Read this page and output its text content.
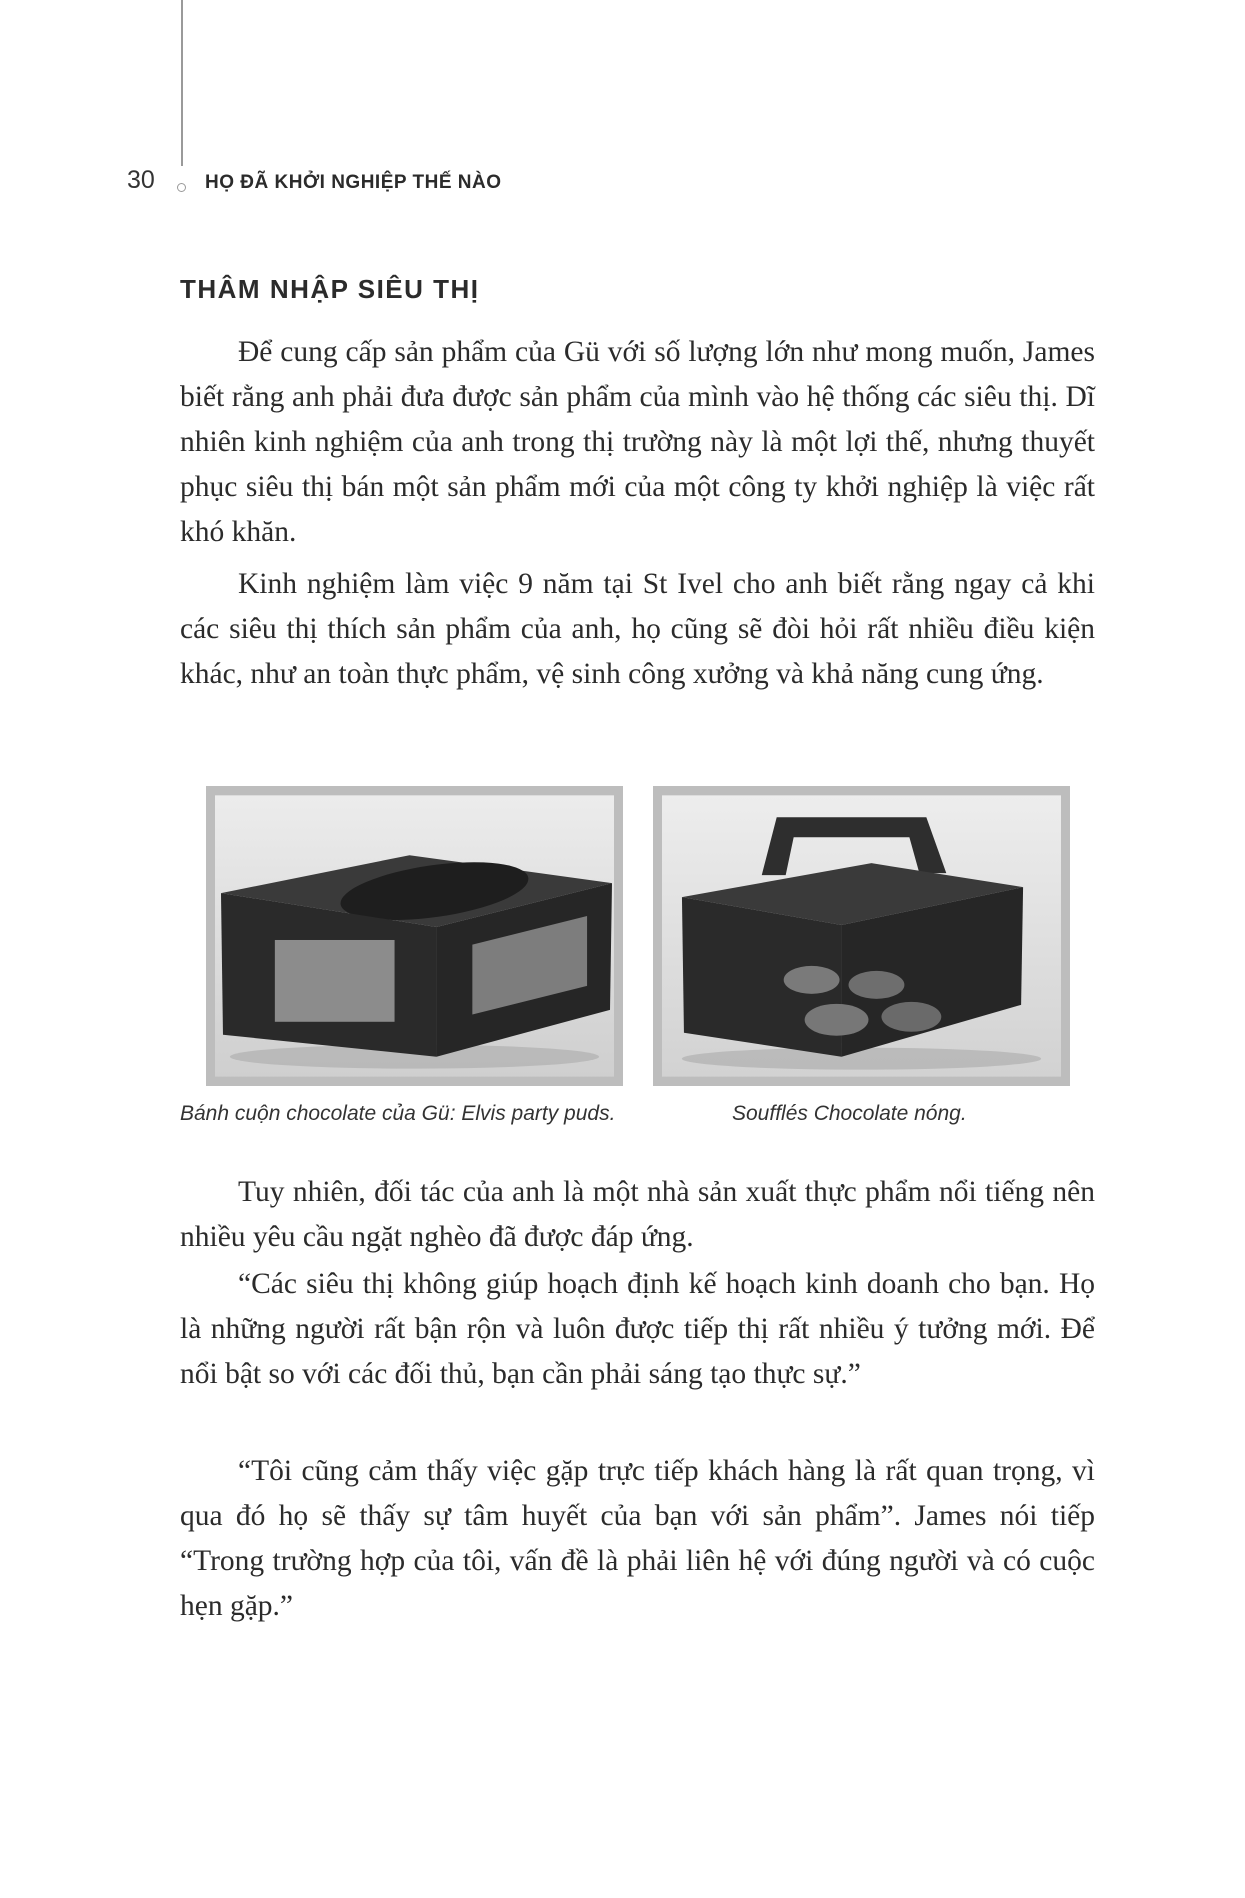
30	HỌ ĐÃ KHỞI NGHIỆP THẾ NÀO
THÂM NHẬP SIÊU THỊ

Để cung cấp sản phẩm của Gü với số lượng lớn như mong muốn, James biết rằng anh phải đưa được sản phẩm của mình vào hệ thống các siêu thị. Dĩ nhiên kinh nghiệm của anh trong thị trường này là một lợi thế, nhưng thuyết phục siêu thị bán một sản phẩm mới của một công ty khởi nghiệp là việc rất khó khăn.

Kinh nghiệm làm việc 9 năm tại St Ivel cho anh biết rằng ngay cả khi các siêu thị thích sản phẩm của anh, họ cũng sẽ đòi hỏi rất nhiều điều kiện khác, như an toàn thực phẩm, vệ sinh công xưởng và khả năng cung ứng.

Bánh cuộn chocolate của Gü: Elvis party puds.	Soufflés Chocolate nóng.

Tuy nhiên, đối tác của anh là một nhà sản xuất thực phẩm nổi tiếng nên nhiều yêu cầu ngặt nghèo đã được đáp ứng.

“Các siêu thị không giúp hoạch định kế hoạch kinh doanh cho bạn. Họ là những người rất bận rộn và luôn được tiếp thị rất nhiều ý tưởng mới. Để nổi bật so với các đối thủ, bạn cần phải sáng tạo thực sự.”

“Tôi cũng cảm thấy việc gặp trực tiếp khách hàng là rất quan trọng, vì qua đó họ sẽ thấy sự tâm huyết của bạn với sản phẩm”. James nói tiếp “Trong trường hợp của tôi, vấn đề là phải liên hệ với đúng người và có cuộc hẹn gặp.”
